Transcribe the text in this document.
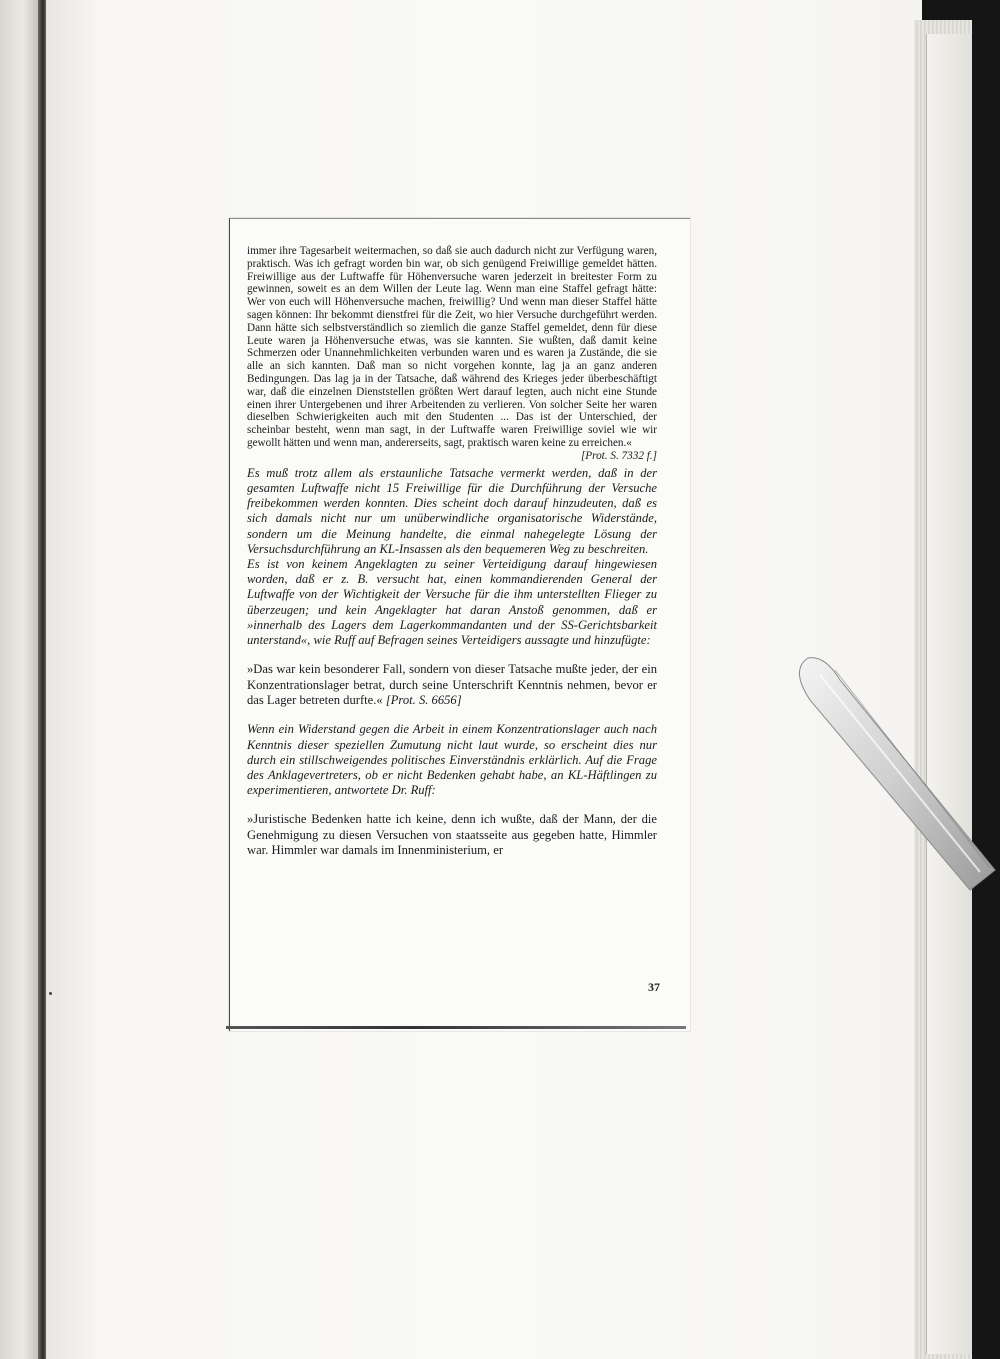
immer ihre Tagesarbeit weitermachen, so daß sie auch dadurch nicht zur Verfügung waren, praktisch. Was ich gefragt worden bin war, ob sich genügend Freiwillige gemeldet hätten. Freiwillige aus der Luftwaffe für Höhenversuche waren jederzeit in breitester Form zu gewinnen, soweit es an dem Willen der Leute lag. Wenn man eine Staffel gefragt hätte: Wer von euch will Höhenversuche machen, freiwillig? Und wenn man dieser Staffel hätte sagen können: Ihr bekommt dienstfrei für die Zeit, wo hier Versuche durchgeführt werden. Dann hätte sich selbstverständlich so ziemlich die ganze Staffel gemeldet, denn für diese Leute waren ja Höhenversuche etwas, was sie kannten. Sie wußten, daß damit keine Schmerzen oder Unannehmlichkeiten verbunden waren und es waren ja Zustände, die sie alle an sich kannten. Daß man so nicht vorgehen konnte, lag ja an ganz anderen Bedingungen. Das lag ja in der Tatsache, daß während des Krieges jeder überbeschäftigt war, daß die einzelnen Dienststellen größten Wert darauf legten, auch nicht eine Stunde einen ihrer Untergebenen und ihrer Arbeitenden zu verlieren. Von solcher Seite her waren dieselben Schwierigkeiten auch mit den Studenten ... Das ist der Unterschied, der scheinbar besteht, wenn man sagt, in der Luftwaffe waren Freiwillige soviel wie wir gewollt hätten und wenn man, andererseits, sagt, praktisch waren keine zu erreichen.«
[Prot. S. 7332 f.]

Es muß trotz allem als erstaunliche Tatsache vermerkt werden, daß in der gesamten Luftwaffe nicht 15 Freiwillige für die Durchführung der Versuche freibekommen werden konnten. Dies scheint doch darauf hinzudeuten, daß es sich damals nicht nur um unüberwindliche organisatorische Widerstände, sondern um die Meinung handelte, die einmal nahegelegte Lösung der Versuchsdurchführung an KL-Insassen als den bequemeren Weg zu beschreiten.

Es ist von keinem Angeklagten zu seiner Verteidigung darauf hingewiesen worden, daß er z. B. versucht hat, einen kommandierenden General der Luftwaffe von der Wichtigkeit der Versuche für die ihm unterstellten Flieger zu überzeugen; und kein Angeklagter hat daran Anstoß genommen, daß er »innerhalb des Lagers dem Lagerkommandanten und der SS-Gerichtsbarkeit unterstand«, wie Ruff auf Befragen seines Verteidigers aussagte und hinzufügte:

»Das war kein besonderer Fall, sondern von dieser Tatsache mußte jeder, der ein Konzentrationslager betrat, durch seine Unterschrift Kenntnis nehmen, bevor er das Lager betreten durfte.« [Prot. S. 6656]

Wenn ein Widerstand gegen die Arbeit in einem Konzentrationslager auch nach Kenntnis dieser speziellen Zumutung nicht laut wurde, so erscheint dies nur durch ein stillschweigendes politisches Einverständnis erklärlich. Auf die Frage des Anklagevertreters, ob er nicht Bedenken gehabt habe, an KL-Häftlingen zu experimentieren, antwortete Dr. Ruff:

»Juristische Bedenken hatte ich keine, denn ich wußte, daß der Mann, der die Genehmigung zu diesen Versuchen von staatsseite aus gegeben hatte, Himmler war. Himmler war damals im Innenministerium, er

37
